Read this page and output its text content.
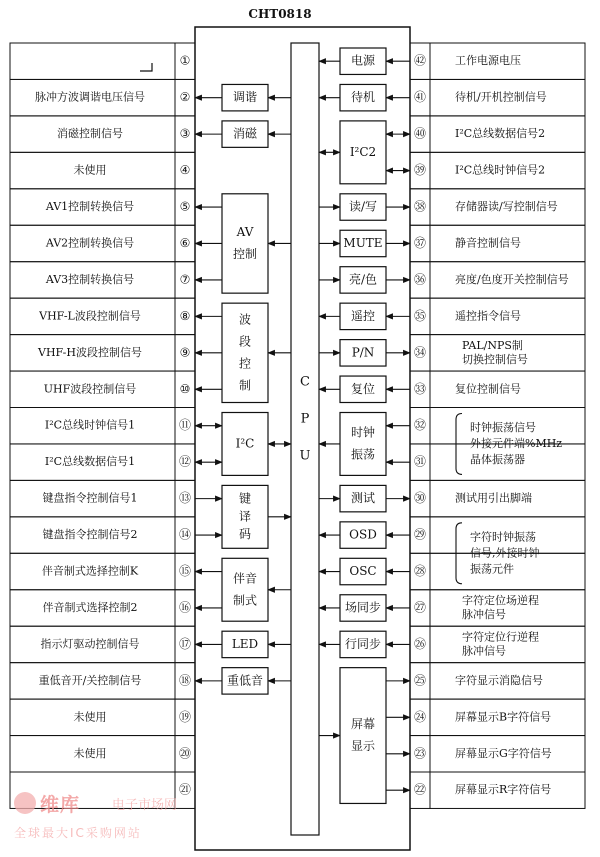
CHT0818
C
P
U
①
②
脉冲方波调谐电压信号
③
消磁控制信号
④
未使用
⑤
AV1控制转换信号
⑥
AV2控制转换信号
⑦
AV3控制转换信号
⑧
VHF-L波段控制信号
⑨
VHF-H波段控制信号
⑩
UHF波段控制信号
⑪
I²C总线时钟信号1
⑫
I²C总线数据信号1
⑬
键盘指令控制信号1
⑭
键盘指令控制信号2
⑮
伴音制式选择控制K
⑯
伴音制式选择控制2
⑰
指示灯驱动控制信号
⑱
重低音开/关控制信号
⑲
未使用
⑳
未使用
㉑
㊷
㊶
㊵
㊴
㊳
㊲
㊱
㉟
㉞
㉝
㉜
㉛
㉚
㉙
㉘
㉗
㉖
㉕
㉔
㉓
㉒
工作电源电压
待机/开机控制信号
I²C总线数据信号2
I²C总线时钟信号2
存储器读/写控制信号
静音控制信号
亮度/色度开关控制信号
遥控指令信号
PAL/NPS制切换控制信号
复位控制信号
测试用引出脚端
字符定位场逆程脉冲信号
字符定位行逆程脉冲信号
字符显示消隐信号
屏幕显示B字符信号
屏幕显示G字符信号
屏幕显示R字符信号
调谐
消磁
AV
控制
波
段
控
制
I²C
键
译
码
伴音
制式
LED
重低音
电源
待机
I²C2
读/写
MUTE
亮/色
遥控
P/N
复位
时钟
振荡
测试
OSD
OSC
场同步
行同步
屏幕
显示
时钟振荡信号外接元件端%MHz 晶体振荡器
字符时钟振荡信号,外接时钟振荡元件
维库 电子市场网
全球最大IC采购网站
